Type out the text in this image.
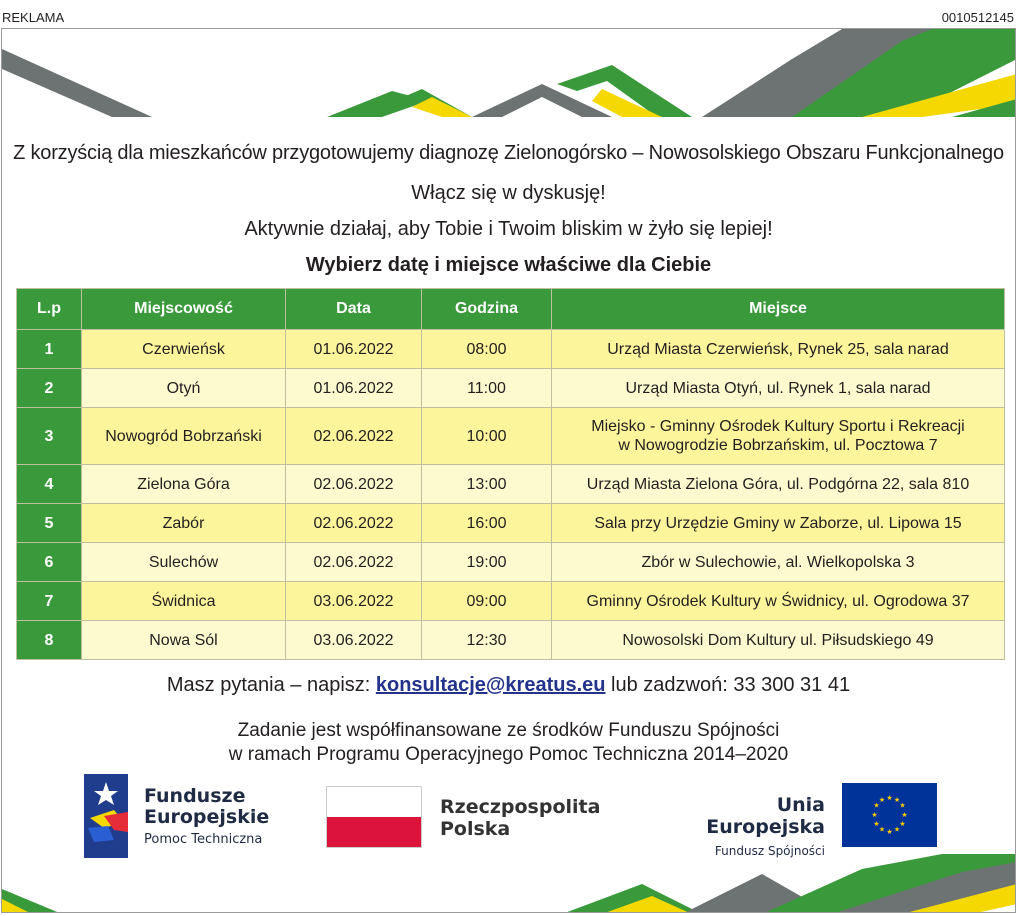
REKLAMA	0010512145
Z korzyścią dla mieszkańców przygotowujemy diagnozę Zielonogórsko – Nowosolskiego Obszaru Funkcjonalnego
Włącz się w dyskusję!
Aktywnie działaj, aby Tobie i Twoim bliskim w żyło się lepiej!
Wybierz datę i miejsce właściwe dla Ciebie
L.p	Miejscowość	Data	Godzina	Miejsce
1	Czerwieńsk	01.06.2022	08:00	Urząd Miasta Czerwieńsk, Rynek 25, sala narad
2	Otyń	01.06.2022	11:00	Urząd Miasta Otyń, ul. Rynek 1, sala narad
3	Nowogród Bobrzański	02.06.2022	10:00	Miejsko - Gminny Ośrodek Kultury Sportu i Rekreacji
w Nowogrodzie Bobrzańskim, ul. Pocztowa 7

4	Zielona Góra	02.06.2022	13:00	Urząd Miasta Zielona Góra, ul. Podgórna 22, sala 810
5	Zabór	02.06.2022	16:00	Sala przy Urzędzie Gminy w Zaborze, ul. Lipowa 15
6	Sulechów	02.06.2022	19:00	Zbór w Sulechowie, al. Wielkopolska 3
7	Świdnica	03.06.2022	09:00	Gminny Ośrodek Kultury w Świdnicy, ul. Ogrodowa 37
8	Nowa Sól	03.06.2022	12:30	Nowosolski Dom Kultury ul. Piłsudskiego 49
Masz pytania – napisz: konsultacje@kreatus.eu lub zadzwoń: 33 300 31 41
Zadanie jest współfinansowane ze środków Funduszu Spójności
w ramach Programu Operacyjnego Pomoc Techniczna 2014–2020
Fundusze
Europejskie
Pomoc Techniczna
Rzeczpospolita
Polska
Unia Europejska
Fundusz Spójności
★ ★
★
★
★
★
★
★
★
★
★
★
